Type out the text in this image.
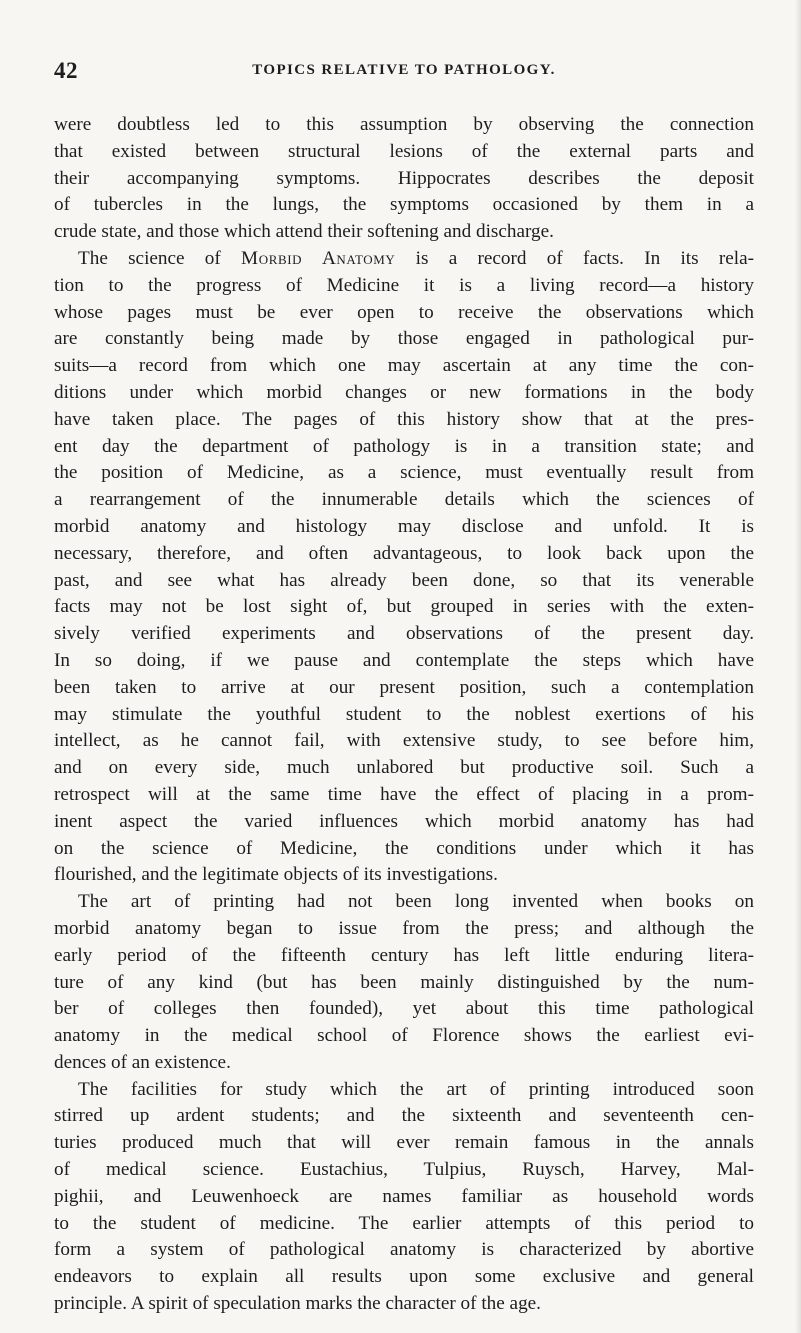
42	TOPICS RELATIVE TO PATHOLOGY.
were doubtless led to this assumption by observing the connection
that existed between structural lesions of the external parts and
their accompanying symptoms. Hippocrates describes the deposit
of tubercles in the lungs, the symptoms occasioned by them in a
crude state, and those which attend their softening and discharge.
The science of Morbid Anatomy is a record of facts. In its rela-
tion to the progress of Medicine it is a living record—a history
whose pages must be ever open to receive the observations which
are constantly being made by those engaged in pathological pur-
suits—a record from which one may ascertain at any time the con-
ditions under which morbid changes or new formations in the body
have taken place. The pages of this history show that at the pres-
ent day the department of pathology is in a transition state; and
the position of Medicine, as a science, must eventually result from
a rearrangement of the innumerable details which the sciences of
morbid anatomy and histology may disclose and unfold. It is
necessary, therefore, and often advantageous, to look back upon the
past, and see what has already been done, so that its venerable
facts may not be lost sight of, but grouped in series with the exten-
sively verified experiments and observations of the present day.
In so doing, if we pause and contemplate the steps which have
been taken to arrive at our present position, such a contemplation
may stimulate the youthful student to the noblest exertions of his
intellect, as he cannot fail, with extensive study, to see before him,
and on every side, much unlabored but productive soil. Such a
retrospect will at the same time have the effect of placing in a prom-
inent aspect the varied influences which morbid anatomy has had
on the science of Medicine, the conditions under which it has
flourished, and the legitimate objects of its investigations.
The art of printing had not been long invented when books on
morbid anatomy began to issue from the press; and although the
early period of the fifteenth century has left little enduring litera-
ture of any kind (but has been mainly distinguished by the num-
ber of colleges then founded), yet about this time pathological
anatomy in the medical school of Florence shows the earliest evi-
dences of an existence.
The facilities for study which the art of printing introduced soon
stirred up ardent students; and the sixteenth and seventeenth cen-
turies produced much that will ever remain famous in the annals
of medical science. Eustachius, Tulpius, Ruysch, Harvey, Mal-
pighii, and Leuwenhoeck are names familiar as household words
to the student of medicine. The earlier attempts of this period to
form a system of pathological anatomy is characterized by abortive
endeavors to explain all results upon some exclusive and general
principle. A spirit of speculation marks the character of the age.
